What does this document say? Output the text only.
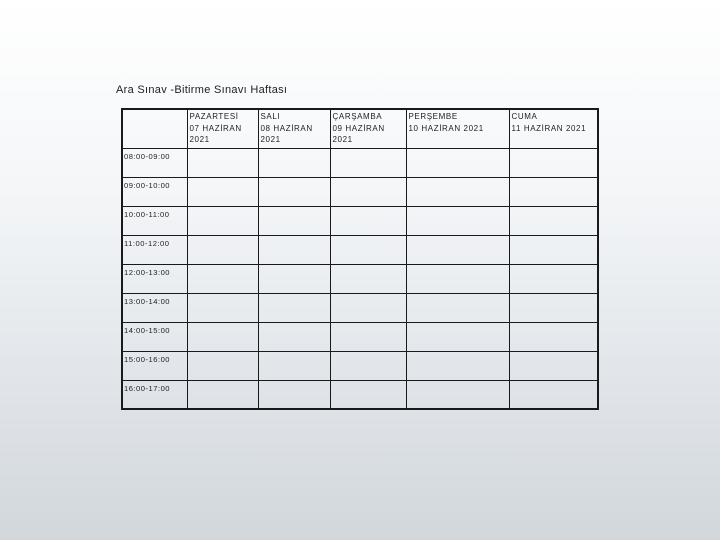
Ara Sınav -Bitirme Sınavı Haftası

	PAZARTESİ
07 HAZİRAN
2021	SALI
08 HAZİRAN
2021	ÇARŞAMBA
09 HAZİRAN
2021	PERŞEMBE
10 HAZİRAN 2021	CUMA
11 HAZİRAN 2021

08:00-09:00					

09:00-10:00					

10:00-11:00					

11:00-12:00					

12:00-13:00					

13:00-14:00					

14:00-15:00					

15:00-16:00					

16:00-17:00					
